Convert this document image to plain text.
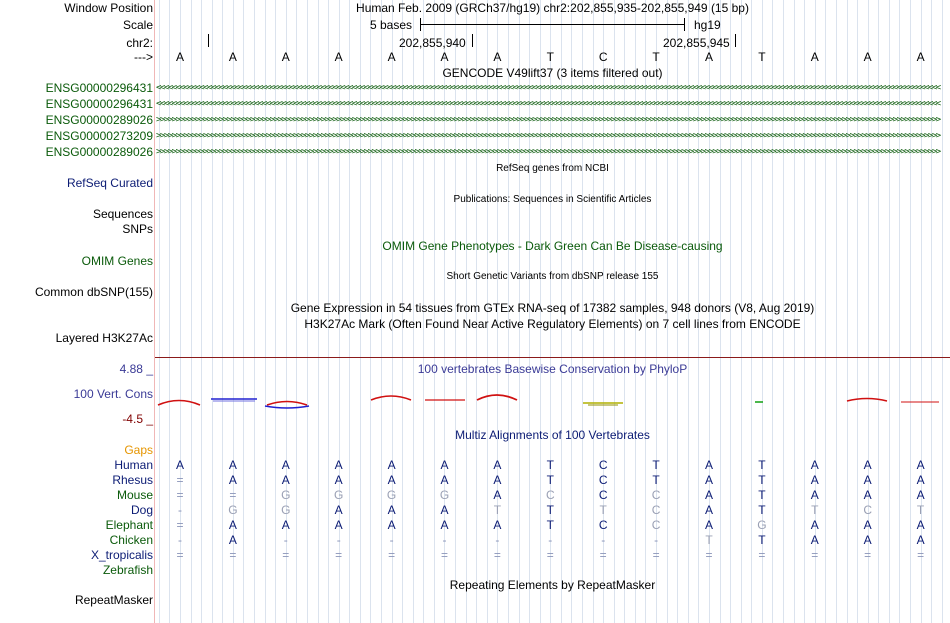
Window Position	Human Feb. 2009 (GRCh37/hg19) chr2:202,855,935-202,855,949 (15 bp)
Scale	5 bases	hg19
chr2:	202,855,940	202,855,945
--->	A	A	A	A	A	A	A	T	C	T	A	T	A	A	A
GENCODE V49lift37 (3 items filtered out)
ENSG00000296431 <<<<<<<<<<<<<<<<<<<<<<<<<<<<<<<<<<<<<<<<<<<<<<<<<<<<<<<<<<<<<<<<<<<<<<<<<<<<<<<<<<<<<<<<<<<<<<<<<<<<<<<<<<<<<<<<<<<<<<<<<<<<<<<<<<<<<<<<<<<<<<<<<<<<<<<<<<<<<<<<<<<<<<<<<<<<<<<<<<<<<<<<<<<<<<<<<<<<<<<<
ENSG00000296431 <<<<<<<<<<<<<<<<<<<<<<<<<<<<<<<<<<<<<<<<<<<<<<<<<<<<<<<<<<<<<<<<<<<<<<<<<<<<<<<<<<<<<<<<<<<<<<<<<<<<<<<<<<<<<<<<<<<<<<<<<<<<<<<<<<<<<<<<<<<<<<<<<<<<<<<<<<<<<<<<<<<<<<<<<<<<<<<<<<<<<<<<<<<<<<<<<<<<<<<<
ENSG00000289026 >>>>>>>>>>>>>>>>>>>>>>>>>>>>>>>>>>>>>>>>>>>>>>>>>>>>>>>>>>>>>>>>>>>>>>>>>>>>>>>>>>>>>>>>>>>>>>>>>>>>>>>>>>>>>>>>>>>>>>>>>>>>>>>>>>>>>>>>>>>>>>>>>>>>>>>>>>>>>>>>>>>>>>>>>>>>>>>>>>>>>>>>>>>>>>>>>>>>>>>>
ENSG00000273209 >>>>>>>>>>>>>>>>>>>>>>>>>>>>>>>>>>>>>>>>>>>>>>>>>>>>>>>>>>>>>>>>>>>>>>>>>>>>>>>>>>>>>>>>>>>>>>>>>>>>>>>>>>>>>>>>>>>>>>>>>>>>>>>>>>>>>>>>>>>>>>>>>>>>>>>>>>>>>>>>>>>>>>>>>>>>>>>>>>>>>>>>>>>>>>>>>>>>>>>>
ENSG00000289026 >>>>>>>>>>>>>>>>>>>>>>>>>>>>>>>>>>>>>>>>>>>>>>>>>>>>>>>>>>>>>>>>>>>>>>>>>>>>>>>>>>>>>>>>>>>>>>>>>>>>>>>>>>>>>>>>>>>>>>>>>>>>>>>>>>>>>>>>>>>>>>>>>>>>>>>>>>>>>>>>>>>>>>>>>>>>>>>>>>>>>>>>>>>>>>>>>>>>>>>>
RefSeq genes from NCBI
RefSeq Curated
Publications: Sequences in Scientific Articles
Sequences
SNPs
OMIM Gene Phenotypes - Dark Green Can Be Disease-causing
OMIM Genes
Short Genetic Variants from dbSNP release 155
Common dbSNP(155)
Gene Expression in 54 tissues from GTEx RNA-seq of 17382 samples, 948 donors (V8, Aug 2019)
H3K27Ac Mark (Often Found Near Active Regulatory Elements) on 7 cell lines from ENCODE
Layered H3K27Ac
100 vertebrates Basewise Conservation by PhyloP
4.88 _
100 Vert. Cons
-4.5 _
Gaps
Multiz Alignments of 100 Vertebrates
Human	A	A	A	A	A	A	A	T	C	T	A	T	A	A	A
Rhesus	=	A	A	A	A	A	A	T	C	T	A	T	A	A	A
Mouse	=	=	G	G	G	G	A	C	C	C	A	T	A	A	A
Dog	-	G	G	A	A	A	T	T	T	C	A	T	T	C	T
Elephant	=	A	A	A	A	A	A	T	C	C	A	G	A	A	A
Chicken	-	A	-	-	-	-	-	-	-	-	T	T	A	A	A
X_tropicalis	=	=	=	=	=	=	=	=	=	=	=	=	=	=	=
Zebrafish
Repeating Elements by RepeatMasker
RepeatMasker
